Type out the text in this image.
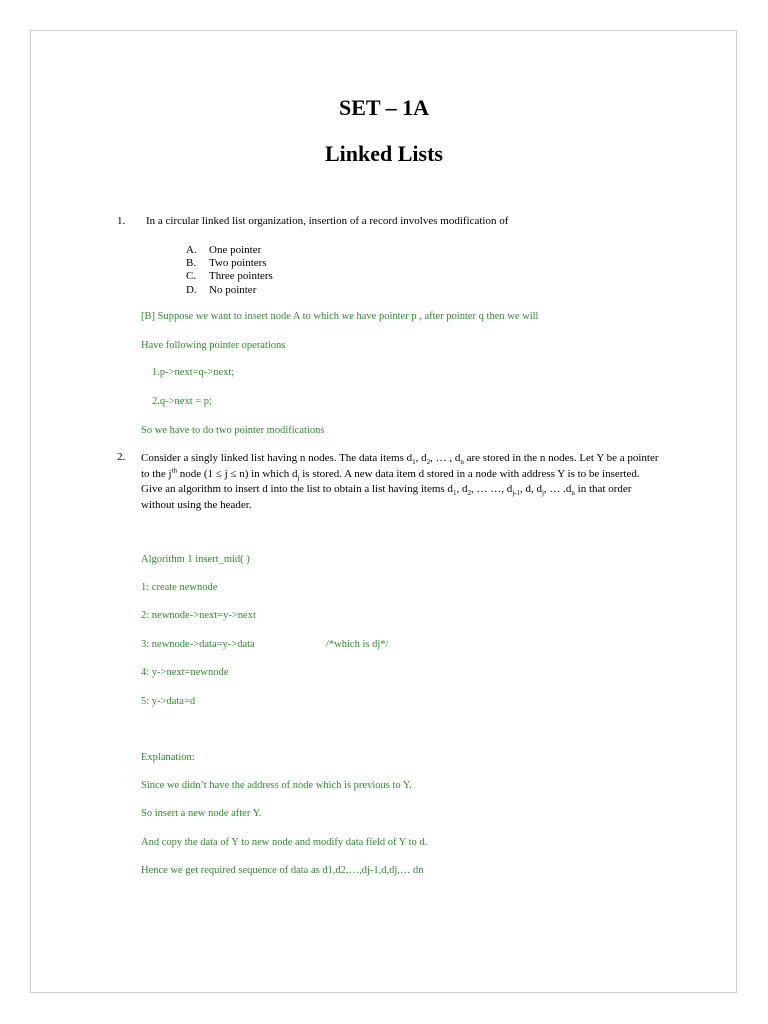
SET – 1A
Linked Lists
1. In a circular linked list organization, insertion of a record involves modification of
A. One pointer
B. Two pointers
C. Three pointers
D. No pointer
[B] Suppose we want to insert node A to which we have pointer p , after pointer q then we will
Have following pointer operations
1.p->next=q->next;
2.q->next = p;
So we have to do two pointer modifications
2. Consider a singly linked list having n nodes. The data items $d_1$, $d_2$, … , $d_n$ are stored in the n nodes. Let Y be a pointer
to the $j^{th}$ node (1 ≤ j ≤ n) in which $d_j$ is stored. A new data item d stored in a node with address Y is to be inserted.
Give an algorithm to insert d into the list to obtain a list having items $d_1$, $d_2$, … …, $d_{j-1}$, d, $d_j$, … $.d_n$ in that order
without using the header.
Algorithm 1 insert_mid( )
1: create newnode
2: newnode->next=y->next
3: newnode->data=y->data	/*which is dj*/
4: y->next=newnode
5: y->data=d
Explanation:
Since we didn’t have the address of node which is previous to Y.
So insert a new node after Y.
And copy the data of Y to new node and modify data field of Y to d.
Hence we get required sequence of data as d1,d2,…,dj-1,d,dj,… dn
